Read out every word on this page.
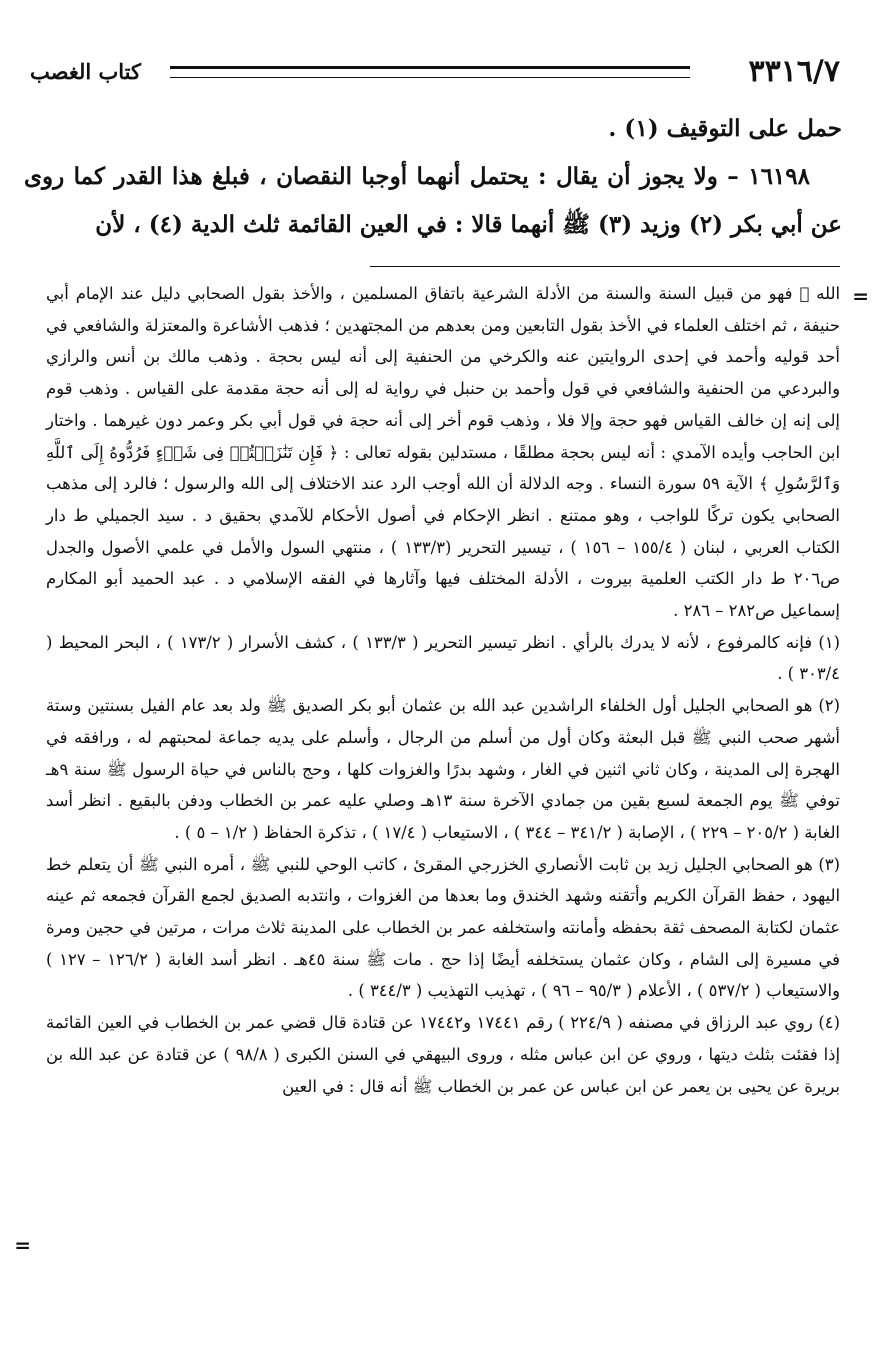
٣٣١٦/٧
كتاب الغصب

حمل على التوقيف (١) .

١٦١٩٨ – ولا يجوز أن يقال : يحتمل أنهما أوجبا النقصان ، فبلغ هذا القدر كما روى عن أبي بكر (٢) وزيد (٣) ﷺ أنهما قالا : في العين القائمة ثلث الدية (٤) ، لأن

=

الله ﷺ فهو من قبيل السنة والسنة من الأدلة الشرعية باتفاق المسلمين ، والأخذ بقول الصحابي دليل عند الإمام أبي حنيفة ، ثم اختلف العلماء في الأخذ بقول التابعين ومن بعدهم من المجتهدين ؛ فذهب الأشاعرة والمعتزلة والشافعي في أحد قوليه وأحمد في إحدى الروايتين عنه والكرخي من الحنفية إلى أنه ليس بحجة . وذهب مالك بن أنس والرازي والبردعي من الحنفية والشافعي في قول وأحمد بن حنبل في رواية له إلى أنه حجة مقدمة على القياس . وذهب قوم إلى إنه إن خالف القياس فهو حجة وإلا فلا ، وذهب قوم أخر إلى أنه حجة في قول أبي بكر وعمر دون غيرهما . واختار ابن الحاجب وأيده الآمدي : أنه ليس بحجة مطلقًا ، مستدلين بقوله تعالى : ﴿ فَإِن تَنَٰزَعۡتُمۡ فِى شَىۡءٍ فَرُدُّوهُ إِلَى ٱللَّهِ وَٱلرَّسُولِ ﴾ الآية ٥٩ سورة النساء . وجه الدلالة أن الله أوجب الرد عند الاختلاف إلى الله والرسول ؛ فالرد إلى مذهب الصحابي يكون تركًا للواجب ، وهو ممتنع . انظر الإحكام في أصول الأحكام للآمدي بحقيق د . سيد الجميلي ط دار الكتاب العربي ، لبنان ( ١٥٥/٤ – ١٥٦ ) ، تيسير التحرير (١٣٣/٣ ) ، منتهي السول والأمل في علمي الأصول والجدل ص٢٠٦ ط دار الكتب العلمية بيروت ، الأدلة المختلف فيها وآثارها في الفقه الإسلامي د . عبد الحميد أبو المكارم إسماعيل ص٢٨٢ – ٢٨٦ .

(١) فإنه كالمرفوع ، لأنه لا يدرك بالرأي . انظر تيسير التحرير ( ١٣٣/٣ ) ، كشف الأسرار ( ١٧٣/٢ ) ، البحر المحيط ( ٣٠٣/٤ ) .

(٢) هو الصحابي الجليل أول الخلفاء الراشدين عبد الله بن عثمان أبو بكر الصديق ﷺ ولد بعد عام الفيل بسنتين وستة أشهر صحب النبي ﷺ قبل البعثة وكان أول من أسلم من الرجال ، وأسلم على يديه جماعة لمحبتهم له ، ورافقه في الهجرة إلى المدينة ، وكان ثاني اثنين في الغار ، وشهد بدرًا والغزوات كلها ، وحج بالناس في حياة الرسول ﷺ سنة ٩هـ توفي ﷺ يوم الجمعة لسبع بقين من جمادي الآخرة سنة ١٣هـ وصلي عليه عمر بن الخطاب ودفن بالبقيع . انظر أسد الغابة ( ٢٠٥/٢ – ٢٢٩ ) ، الإصابة ( ٣٤١/٢ – ٣٤٤ ) ، الاستيعاب ( ١٧/٤ ) ، تذكرة الحفاظ ( ١/٢ – ٥ ) .

(٣) هو الصحابي الجليل زيد بن ثابت الأنصاري الخزرجي المقرئ ، كاتب الوحي للنبي ﷺ ، أمره النبي ﷺ أن يتعلم خط اليهود ، حفظ القرآن الكريم وأتقنه وشهد الخندق وما بعدها من الغزوات ، وانتدبه الصديق لجمع القرآن فجمعه ثم عينه عثمان لكتابة المصحف ثقة بحفظه وأمانته واستخلفه عمر بن الخطاب على المدينة ثلاث مرات ، مرتين في حجين ومرة في مسيرة إلى الشام ، وكان عثمان يستخلفه أيضًا إذا حج . مات ﷺ سنة ٤٥هـ . انظر أسد الغابة ( ١٢٦/٢ – ١٢٧ ) والاستيعاب ( ٥٣٧/٢ ) ، الأعلام ( ٩٥/٣ – ٩٦ ) ، تهذيب التهذيب ( ٣٤٤/٣ ) .

(٤) روي عبد الرزاق في مصنفه ( ٢٢٤/٩ ) رقم ١٧٤٤١ و١٧٤٤٢ عن قتادة قال قضي عمر بن الخطاب في العين القائمة إذا فقئت بثلث ديتها ، وروي عن ابن عباس مثله ، وروى البيهقي في السنن الكبرى ( ٩٨/٨ ) عن قتادة عن عبد الله بن بريرة عن يحيى بن يعمر عن ابن عباس عن عمر بن الخطاب ﷺ أنه قال : في العين

=
